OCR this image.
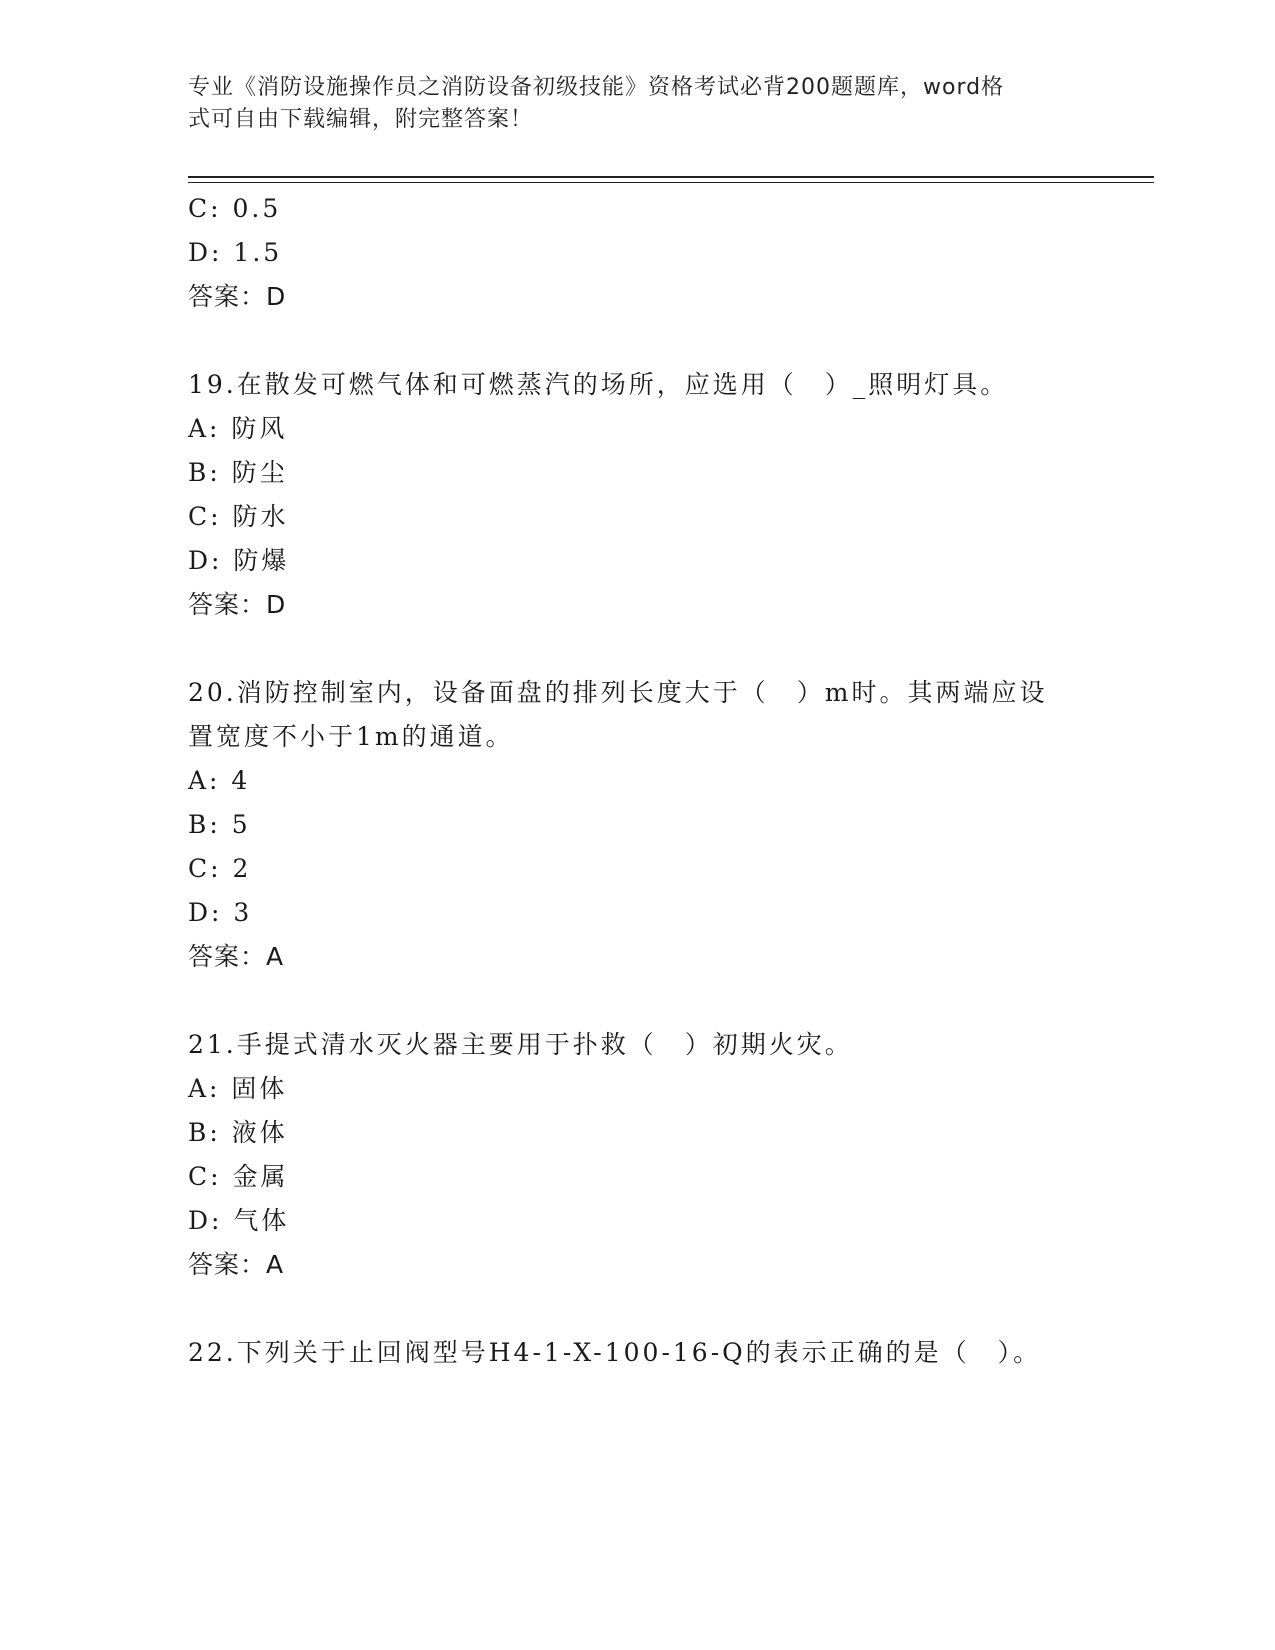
专业《消防设施操作员之消防设备初级技能》资格考试必背200题题库，word格
式可自由下载编辑，附完整答案！
C: 0.5
D: 1.5
答案：D
19.在散发可燃气体和可燃蒸汽的场所，应选用（　）_照明灯具。
A: 防风
B: 防尘
C: 防水
D: 防爆
答案：D
20.消防控制室内，设备面盘的排列长度大于（　）m时。其两端应设
置宽度不小于1m的通道。
A: 4
B: 5
C: 2
D: 3
答案：A
21.手提式清水灭火器主要用于扑救（　）初期火灾。
A: 固体
B: 液体
C: 金属
D: 气体
答案：A
22.下列关于止回阀型号H4-1-X-100-16-Q的表示正确的是（　）。
